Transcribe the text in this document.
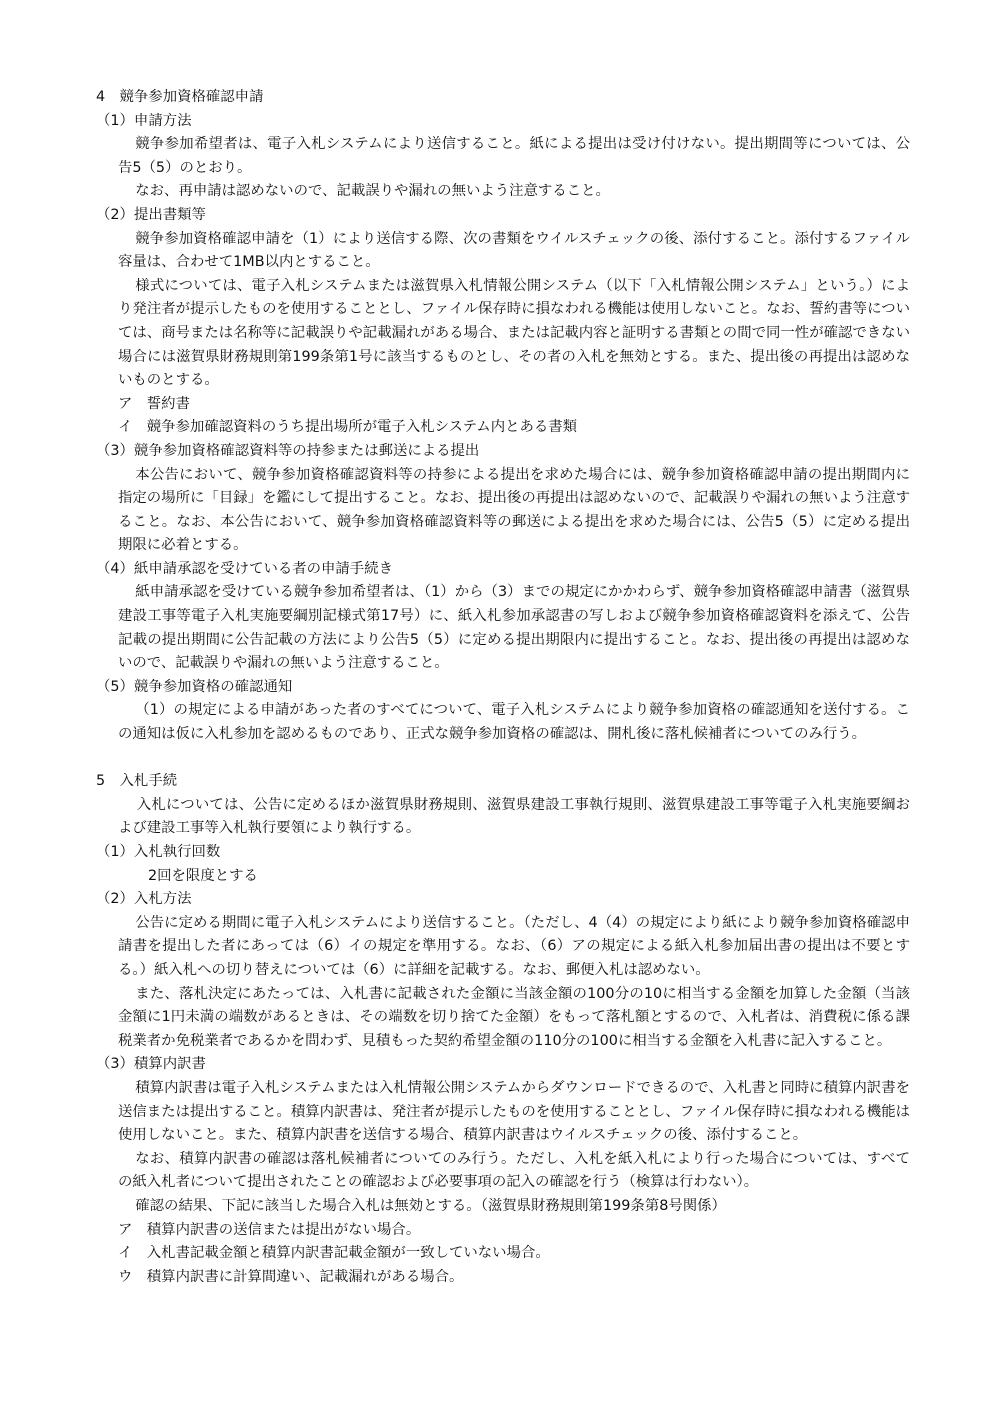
4　競争参加資格確認申請

（1）申請方法

競争参加希望者は、電子入札システムにより送信すること。紙による提出は受け付けない。提出期間等については、公告5（5）のとおり。

なお、再申請は認めないので、記載誤りや漏れの無いよう注意すること。

（2）提出書類等

競争参加資格確認申請を（1）により送信する際、次の書類をウイルスチェックの後、添付すること。添付するファイル容量は、合わせて1MB以内とすること。

様式については、電子入札システムまたは滋賀県入札情報公開システム（以下「入札情報公開システム」という。）により発注者が提示したものを使用することとし、ファイル保存時に損なわれる機能は使用しないこと。なお、誓約書等については、商号または名称等に記載誤りや記載漏れがある場合、または記載内容と証明する書類との間で同一性が確認できない場合には滋賀県財務規則第199条第1号に該当するものとし、その者の入札を無効とする。また、提出後の再提出は認めないものとする。

ア　誓約書

イ　競争参加確認資料のうち提出場所が電子入札システム内とある書類

（3）競争参加資格確認資料等の持参または郵送による提出

本公告において、競争参加資格確認資料等の持参による提出を求めた場合には、競争参加資格確認申請の提出期間内に指定の場所に「目録」を鑑にして提出すること。なお、提出後の再提出は認めないので、記載誤りや漏れの無いよう注意すること。なお、本公告において、競争参加資格確認資料等の郵送による提出を求めた場合には、公告5（5）に定める提出期限に必着とする。

（4）紙申請承認を受けている者の申請手続き

紙申請承認を受けている競争参加希望者は、（1）から（3）までの規定にかかわらず、競争参加資格確認申請書（滋賀県建設工事等電子入札実施要綱別記様式第17号）に、紙入札参加承認書の写しおよび競争参加資格確認資料を添えて、公告記載の提出期間に公告記載の方法により公告5（5）に定める提出期限内に提出すること。なお、提出後の再提出は認めないので、記載誤りや漏れの無いよう注意すること。

（5）競争参加資格の確認通知

（1）の規定による申請があった者のすべてについて、電子入札システムにより競争参加資格の確認通知を送付する。この通知は仮に入札参加を認めるものであり、正式な競争参加資格の確認は、開札後に落札候補者についてのみ行う。

5　入札手続

入札については、公告に定めるほか滋賀県財務規則、滋賀県建設工事執行規則、滋賀県建設工事等電子入札実施要綱および建設工事等入札執行要領により執行する。

（1）入札執行回数

2回を限度とする

（2）入札方法

公告に定める期間に電子入札システムにより送信すること。（ただし、4（4）の規定により紙により競争参加資格確認申請書を提出した者にあっては（6）イの規定を準用する。なお、（6）アの規定による紙入札参加届出書の提出は不要とする。）紙入札への切り替えについては（6）に詳細を記載する。なお、郵便入札は認めない。

また、落札決定にあたっては、入札書に記載された金額に当該金額の100分の10に相当する金額を加算した金額（当該金額に1円未満の端数があるときは、その端数を切り捨てた金額）をもって落札額とするので、入札者は、消費税に係る課税業者か免税業者であるかを問わず、見積もった契約希望金額の110分の100に相当する金額を入札書に記入すること。

（3）積算内訳書

積算内訳書は電子入札システムまたは入札情報公開システムからダウンロードできるので、入札書と同時に積算内訳書を送信または提出すること。積算内訳書は、発注者が提示したものを使用することとし、ファイル保存時に損なわれる機能は使用しないこと。また、積算内訳書を送信する場合、積算内訳書はウイルスチェックの後、添付すること。

なお、積算内訳書の確認は落札候補者についてのみ行う。ただし、入札を紙入札により行った場合については、すべての紙入札者について提出されたことの確認および必要事項の記入の確認を行う（検算は行わない）。

確認の結果、下記に該当した場合入札は無効とする。（滋賀県財務規則第199条第8号関係）

ア　積算内訳書の送信または提出がない場合。

イ　入札書記載金額と積算内訳書記載金額が一致していない場合。

ウ　積算内訳書に計算間違い、記載漏れがある場合。
